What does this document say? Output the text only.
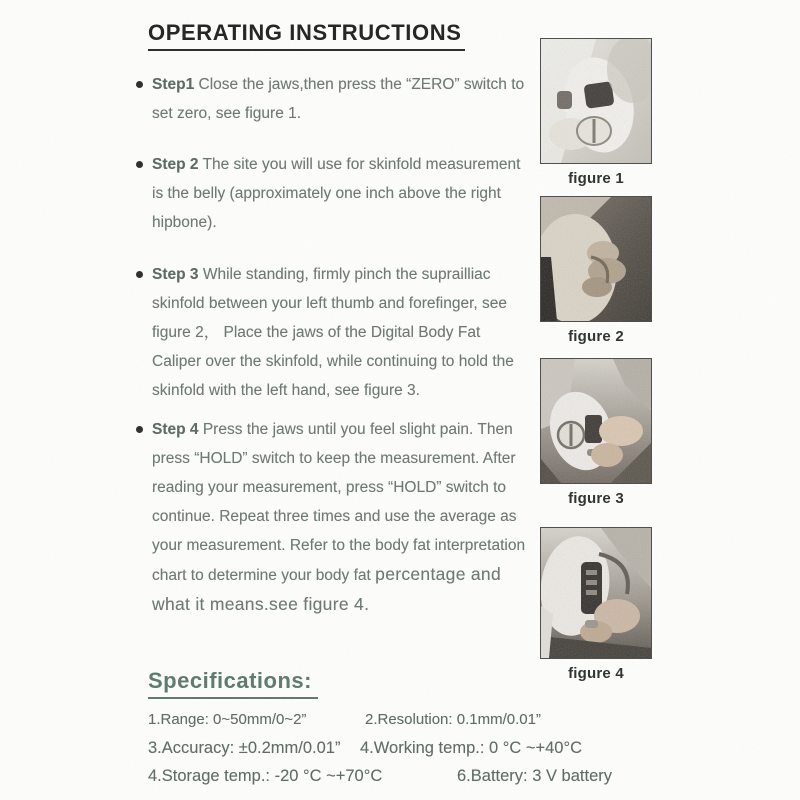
OPERATING INSTRUCTIONS
Step1 Close the jaws,then press the “ZERO” switch to set zero, see figure 1.
Step 2 The site you will use for skinfold measurement is the belly (approximately one inch above the right hipbone).
Step 3 While standing, firmly pinch the suprailliac skinfold between your left thumb and forefinger, see figure 2， Place the jaws of the Digital Body Fat Caliper over the skinfold, while continuing to hold the skinfold with the left hand, see figure 3.
Step 4 Press the jaws until you feel slight pain. Then press “HOLD” switch to keep the measurement. After reading your measurement, press “HOLD” switch to continue. Repeat three times and use the average as your measurement. Refer to the body fat interpretation chart to determine your body fat percentage and what it means.see figure 4.
figure 1
figure 2
figure 3
figure 4
Specifications:
1.Range: 0~50mm/0~2”	2.Resolution: 0.1mm/0.01”
3.Accuracy: ±0.2mm/0.01”	4.Working temp.: 0 °C ~+40°C
4.Storage temp.: -20 °C ~+70°C	6.Battery: 3 V battery
